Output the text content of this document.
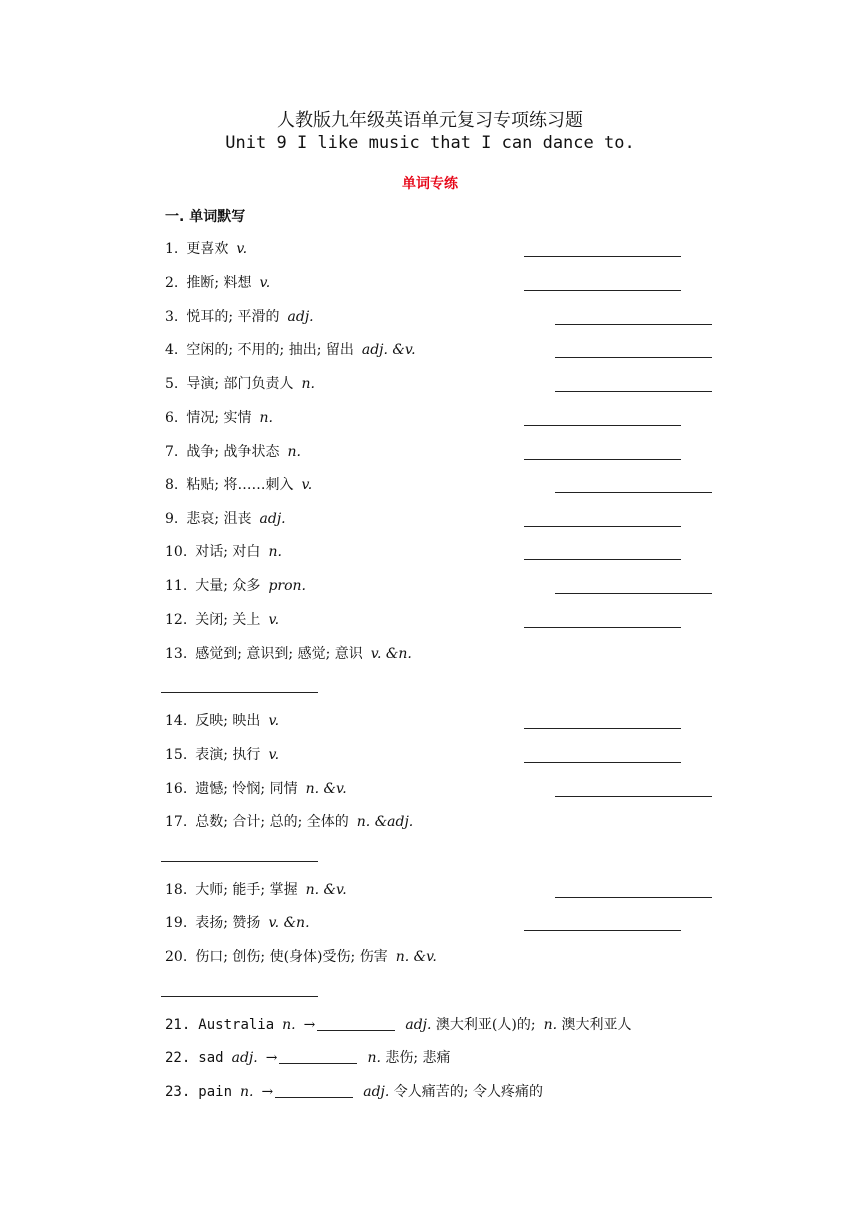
人教版九年级英语单元复习专项练习题
Unit 9 I like music that I can dance to.
单词专练
一. 单词默写
1. 更喜欢 v.
2. 推断; 料想 v.
3. 悦耳的; 平滑的 adj.
4. 空闲的; 不用的; 抽出; 留出 adj. &v.
5. 导演; 部门负责人 n.
6. 情况; 实情 n.
7. 战争; 战争状态 n.
8. 粘贴; 将……刺入 v.
9. 悲哀; 沮丧 adj.
10. 对话; 对白 n.
11. 大量; 众多 pron.
12. 关闭; 关上 v.
13. 感觉到; 意识到; 感觉; 意识 v. &n.
14. 反映; 映出 v.
15. 表演; 执行 v.
16. 遗憾; 怜悯; 同情 n. &v.
17. 总数; 合计; 总的; 全体的 n. &adj.
18. 大师; 能手; 掌握 n. &v.
19. 表扬; 赞扬 v. &n.
20. 伤口; 创伤; 使(身体)受伤; 伤害 n. &v.
21. Australia n. →	adj. 澳大利亚(人)的; n. 澳大利亚人
22. sad adj. →	n. 悲伤; 悲痛
23. pain n. →	adj. 令人痛苦的; 令人疼痛的
